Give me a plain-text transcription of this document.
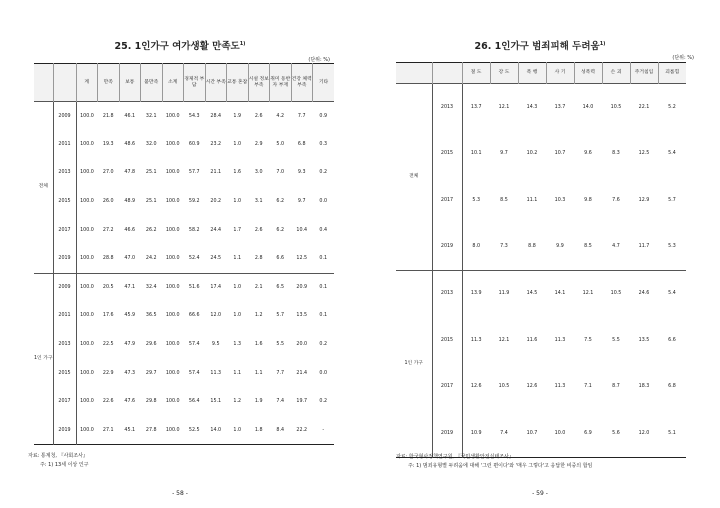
25. 1인가구 여가생활 만족도$^{1)}$
(단위: %)
		계	만족	보통	불만족	소계	경제적 부담	시간 부족	교통 혼잡	시설 정보 부족	취미 동반자 부재	건강 체력 부족	기타
전체	2009	100.0	21.8	46.1	32.1	100.0	54.3	28.4	1.9	2.6	4.2	7.7	0.9
	2011	100.0	19.3	48.6	32.0	100.0	60.9	23.2	1.0	2.9	5.0	6.8	0.3
	2013	100.0	27.0	47.8	25.1	100.0	57.7	21.1	1.6	3.0	7.0	9.3	0.2
	2015	100.0	26.0	48.9	25.1	100.0	59.2	20.2	1.0	3.1	6.2	9.7	0.0
	2017	100.0	27.2	46.6	26.2	100.0	58.2	24.4	1.7	2.6	6.2	10.4	0.4
	2019	100.0	28.8	47.0	24.2	100.0	52.4	24.5	1.1	2.8	6.6	12.5	0.1
1인 가구	2009	100.0	20.5	47.1	32.4	100.0	51.6	17.4	1.0	2.1	6.5	20.9	0.1
	2011	100.0	17.6	45.9	36.5	100.0	66.6	12.0	1.0	1.2	5.7	13.5	0.1
	2013	100.0	22.5	47.9	29.6	100.0	57.4	9.5	1.3	1.6	5.5	20.0	0.2
	2015	100.0	22.9	47.3	29.7	100.0	57.4	11.3	1.1	1.1	7.7	21.4	0.0
	2017	100.0	22.6	47.6	29.8	100.0	56.4	15.1	1.2	1.9	7.4	19.7	0.2
	2019	100.0	27.1	45.1	27.8	100.0	52.5	14.0	1.0	1.8	8.4	22.2	-
자료: 통계청, 『사회조사』
주: 1) 13세 이상 인구
- 58 -
26. 1인가구 범죄피해 두려움$^{1)}$
(단위: %)
		절 도	강 도	폭 행	사 기	성폭력	손 괴	주거침입	괴롭힘
전체	2013	13.7	12.1	14.3	13.7	14.0	10.5	22.1	5.2
	2015	10.1	9.7	10.2	10.7	9.6	8.3	12.5	5.4
	2017	5.3	8.5	11.1	10.3	9.8	7.6	12.9	5.7
	2019	8.0	7.3	8.8	9.9	8.5	4.7	11.7	5.3
1인 가구	2013	13.9	11.9	14.5	14.1	12.1	10.5	24.6	5.4
	2015	11.3	12.1	11.6	11.3	7.5	5.5	13.5	6.6
	2017	12.6	10.5	12.6	11.3	7.1	8.7	18.3	6.8
	2019	10.9	7.4	10.7	10.0	6.9	5.6	12.0	5.1
자료: 한국형사정책연구원, 『국민생활안전실태조사』
주: 1) 범죄유형별 두려움에 대해 '그런 편이다'와 '매우 그렇다'고 응답한 비중의 합임
- 59 -
